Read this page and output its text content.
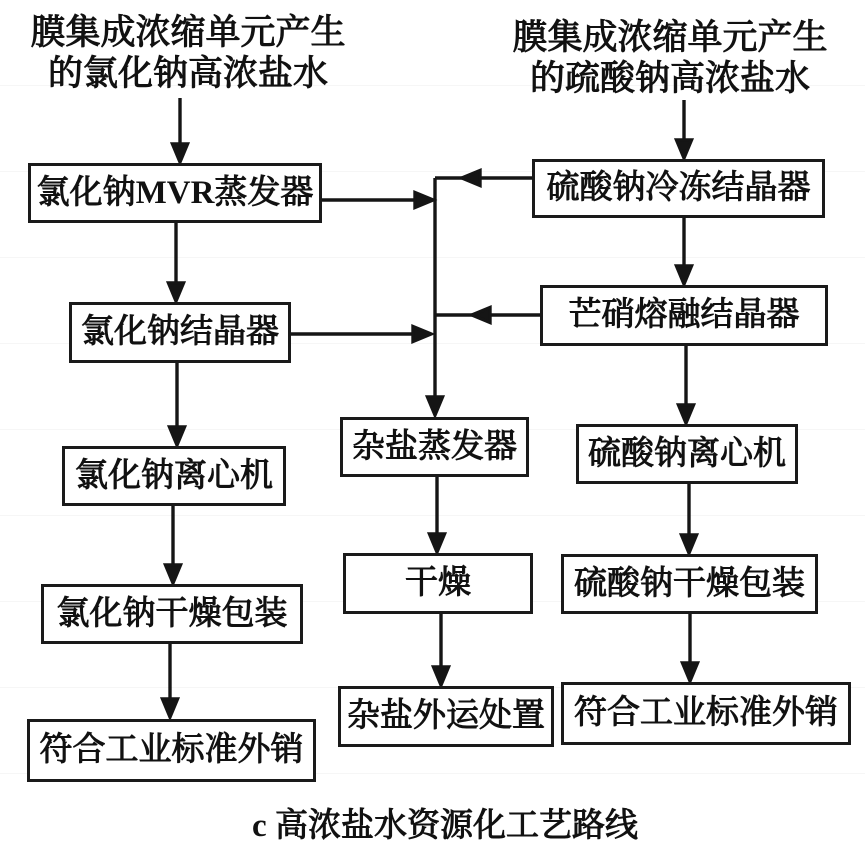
膜集成浓缩单元产生
的氯化钠高浓盐水
膜集成浓缩单元产生
的疏酸钠高浓盐水
氯化钠MVR蒸发器
氯化钠结晶器
氯化钠离心机
氯化钠干燥包装
符合工业标准外销
杂盐蒸发器
干燥
杂盐外运处置
硫酸钠冷冻结晶器
芒硝熔融结晶器
硫酸钠离心机
硫酸钠干燥包装
符合工业标准外销
c 高浓盐水资源化工艺路线
